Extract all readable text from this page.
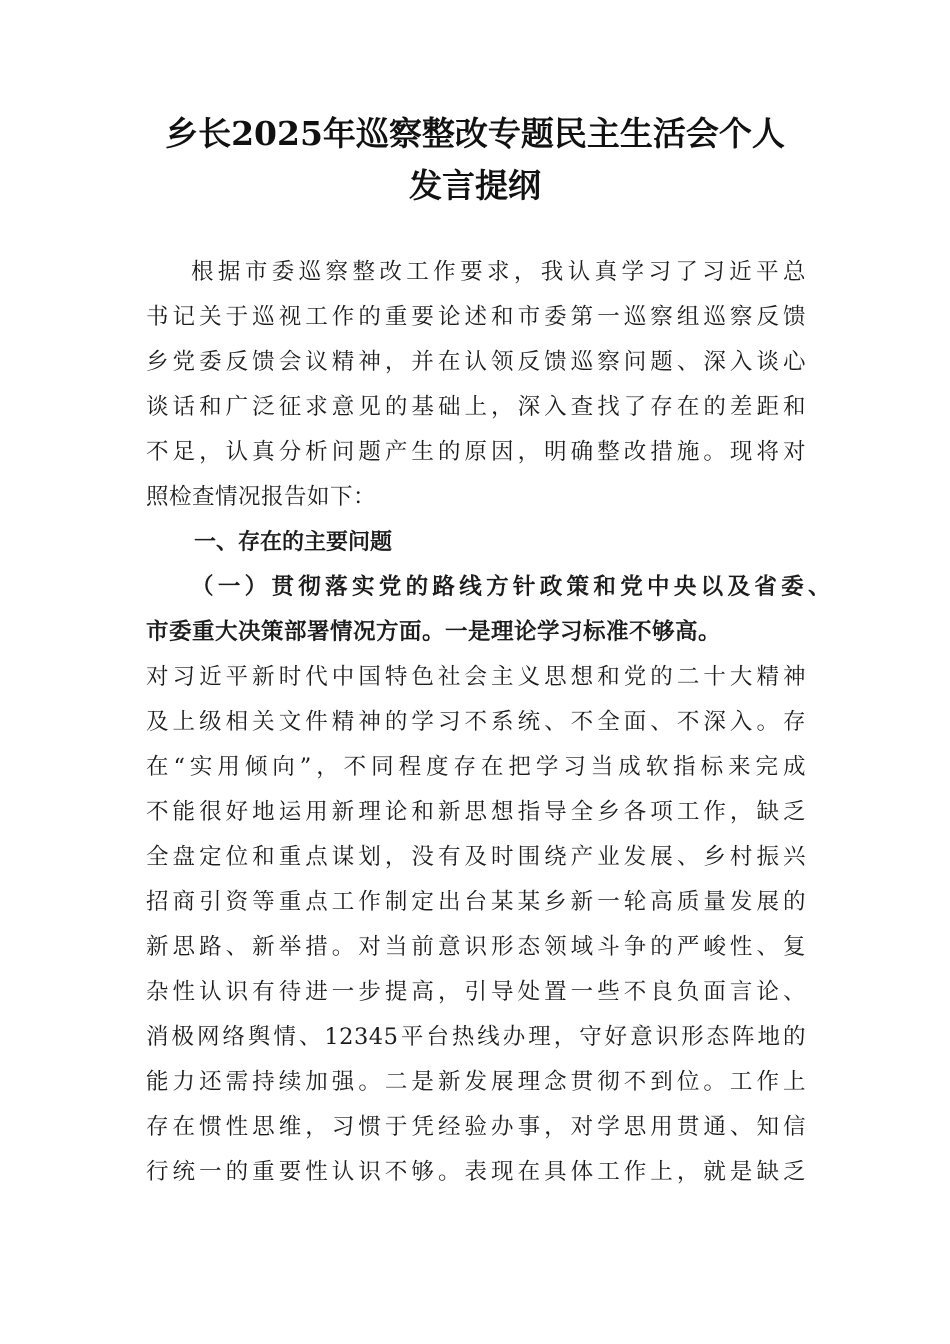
乡长2025年巡察整改专题民主生活会个人
发言提纲
根据市委巡察整改工作要求，我认真学习了习近平总
书记关于巡视工作的重要论述和市委第一巡察组巡察反馈
乡党委反馈会议精神，并在认领反馈巡察问题、深入谈心
谈话和广泛征求意见的基础上，深入查找了存在的差距和
不足，认真分析问题产生的原因，明确整改措施。现将对
照检查情况报告如下：
一、存在的主要问题
（一）贯彻落实党的路线方针政策和党中央以及省委、
市委重大决策部署情况方面。一是理论学习标准不够高。
对习近平新时代中国特色社会主义思想和党的二十大精神
及上级相关文件精神的学习不系统、不全面、不深入。存
在“实用倾向”，不同程度存在把学习当成软指标来完成
不能很好地运用新理论和新思想指导全乡各项工作，缺乏
全盘定位和重点谋划，没有及时围绕产业发展、乡村振兴
招商引资等重点工作制定出台某某乡新一轮高质量发展的
新思路、新举措。对当前意识形态领域斗争的严峻性、复
杂性认识有待进一步提高，引导处置一些不良负面言论、
消极网络舆情、12345平台热线办理，守好意识形态阵地的
能力还需持续加强。二是新发展理念贯彻不到位。工作上
存在惯性思维，习惯于凭经验办事，对学思用贯通、知信
行统一的重要性认识不够。表现在具体工作上，就是缺乏
